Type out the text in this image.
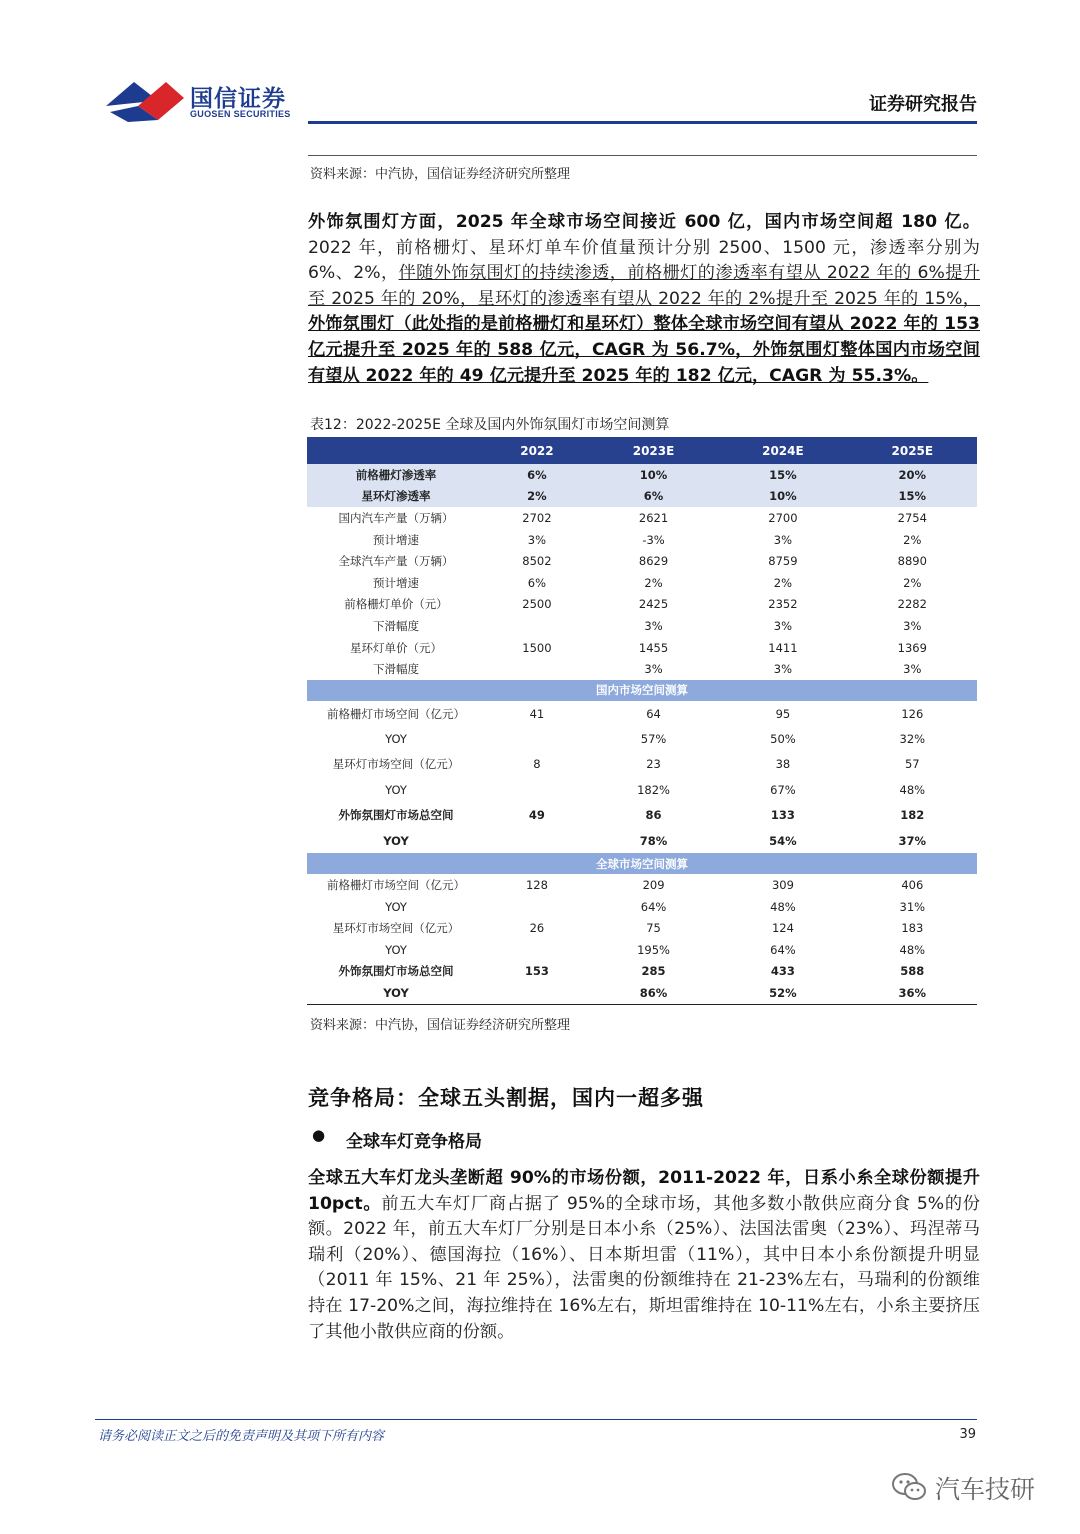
国信证券
GUOSEN SECURITIES	证券研究报告
资料来源：中汽协，国信证券经济研究所整理
外饰氛围灯方面，2025 年全球市场空间接近 600 亿，国内市场空间超 180 亿。2022 年，前格栅灯、星环灯单车价值量预计分别 2500、1500 元，渗透率分别为 6%、2%，伴随外饰氛围灯的持续渗透，前格栅灯的渗透率有望从 2022 年的 6%提升至 2025 年的 20%，星环灯的渗透率有望从 2022 年的 2%提升至 2025 年的 15%，外饰氛围灯（此处指的是前格栅灯和星环灯）整体全球市场空间有望从 2022 年的 153 亿元提升至 2025 年的 588 亿元，CAGR 为 56.7%，外饰氛围灯整体国内市场空间有望从 2022 年的 49 亿元提升至 2025 年的 182 亿元，CAGR 为 55.3%。
表12：2022-2025E 全球及国内外饰氛围灯市场空间测算
	2022	2023E	2024E	2025E
前格栅灯渗透率	6%	10%	15%	20%
星环灯渗透率	2%	6%	10%	15%
国内汽车产量（万辆）	2702	2621	2700	2754
预计增速	3%	-3%	3%	2%
全球汽车产量（万辆）	8502	8629	8759	8890
预计增速	6%	2%	2%	2%
前格栅灯单价（元）	2500	2425	2352	2282
下滑幅度		3%	3%	3%
星环灯单价（元）	1500	1455	1411	1369
下滑幅度		3%	3%	3%
国内市场空间测算				
前格栅灯市场空间（亿元）	41	64	95	126
YOY		57%	50%	32%
星环灯市场空间（亿元）	8	23	38	57
YOY		182%	67%	48%
外饰氛围灯市场总空间	49	86	133	182
YOY		78%	54%	37%
全球市场空间测算				
前格栅灯市场空间（亿元）	128	209	309	406
YOY		64%	48%	31%
星环灯市场空间（亿元）	26	75	124	183
YOY		195%	64%	48%
外饰氛围灯市场总空间	153	285	433	588
YOY		86%	52%	36%
资料来源：中汽协，国信证券经济研究所整理
竞争格局：全球五头割据，国内一超多强
● 全球车灯竞争格局
全球五大车灯龙头垄断超 90%的市场份额，2011-2022 年，日系小糸全球份额提升 10pct。前五大车灯厂商占据了 95%的全球市场，其他多数小散供应商分食 5%的份额。2022 年，前五大车灯厂分别是日本小糸（25%）、法国法雷奥（23%）、玛涅蒂马瑞利（20%）、德国海拉（16%）、日本斯坦雷（11%），其中日本小糸份额提升明显（2011 年 15%、21 年 25%），法雷奥的份额维持在 21-23%左右，马瑞利的份额维持在 17-20%之间，海拉维持在 16%左右，斯坦雷维持在 10-11%左右，小糸主要挤压了其他小散供应商的份额。
请务必阅读正文之后的免责声明及其项下所有内容	39
汽车技研
